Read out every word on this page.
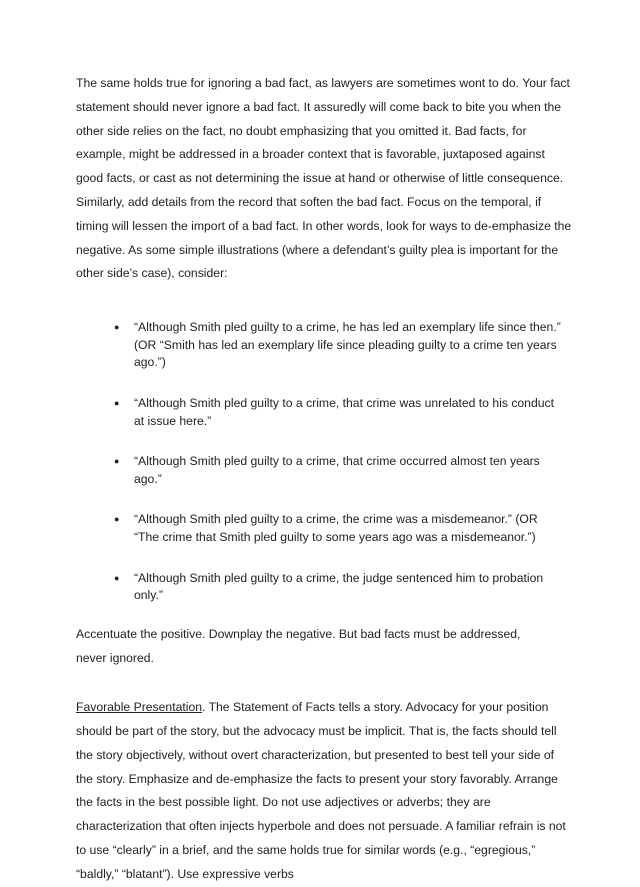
The same holds true for ignoring a bad fact, as lawyers are sometimes wont to do. Your fact statement should never ignore a bad fact. It assuredly will come back to bite you when the other side relies on the fact, no doubt emphasizing that you omitted it. Bad facts, for example, might be addressed in a broader context that is favorable, juxtaposed against good facts, or cast as not determining the issue at hand or otherwise of little consequence. Similarly, add details from the record that soften the bad fact. Focus on the temporal, if timing will lessen the import of a bad fact. In other words, look for ways to de-emphasize the negative. As some simple illustrations (where a defendant’s guilty plea is important for the other side’s case), consider:

● “Although Smith pled guilty to a crime, he has led an exemplary life since then.” (OR “Smith has led an exemplary life since pleading guilty to a crime ten years ago.”)
● “Although Smith pled guilty to a crime, that crime was unrelated to his conduct at issue here.”
● “Although Smith pled guilty to a crime, that crime occurred almost ten years ago.”
● “Although Smith pled guilty to a crime, the crime was a misdemeanor.” (OR “The crime that Smith pled guilty to some years ago was a misdemeanor.”)
● “Although Smith pled guilty to a crime, the judge sentenced him to probation only.”

Accentuate the positive. Downplay the negative. But bad facts must be addressed, never ignored.

Favorable Presentation. The Statement of Facts tells a story. Advocacy for your position should be part of the story, but the advocacy must be implicit. That is, the facts should tell the story objectively, without overt characterization, but presented to best tell your side of the story. Emphasize and de-emphasize the facts to present your story favorably. Arrange the facts in the best possible light. Do not use adjectives or adverbs; they are characterization that often injects hyperbole and does not persuade. A familiar refrain is not to use “clearly” in a brief, and the same holds true for similar words (e.g., “egregious,” “baldly,” “blatant”). Use expressive verbs
